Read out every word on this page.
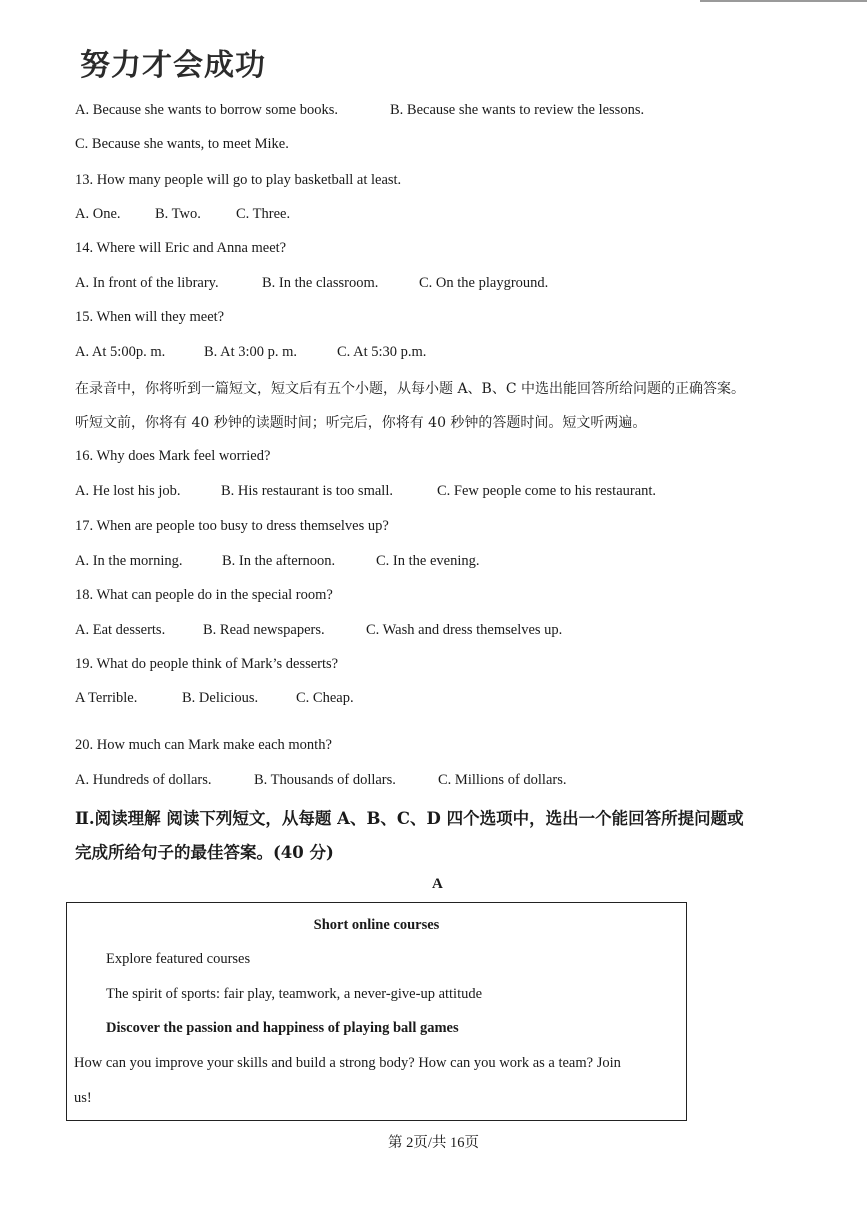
努力才会成功
A. Because she wants to borrow some books.	B. Because she wants to review the lessons.
C. Because she wants, to meet Mike.
13. How many people will go to play basketball at least.
A. One. B. Two. C. Three.
14. Where will Eric and Anna meet?
A. In front of the library.	B. In the classroom.	C. On the playground.
15. When will they meet?
A. At 5:00p. m.	B. At 3:00 p. m.	C. At 5:30 p.m.
在录音中，你将听到一篇短文，短文后有五个小题，从每小题 A、B、C 中选出能回答所给问题的正确答案。
听短文前，你将有 40 秒钟的读题时间；听完后，你将有 40 秒钟的答题时间。短文听两遍。
16. Why does Mark feel worried?
A. He lost his job.	B. His restaurant is too small.	C. Few people come to his restaurant.
17. When are people too busy to dress themselves up?
A. In the morning.	B. In the afternoon.	C. In the evening.
18. What can people do in the special room?
A. Eat desserts.	B. Read newspapers.	C. Wash and dress themselves up.
19. What do people think of Mark’s desserts?
A Terrible.	B. Delicious.	C. Cheap.
20. How much can Mark make each month?
A. Hundreds of dollars.	B. Thousands of dollars.	C. Millions of dollars.
Ⅱ.阅读理解 阅读下列短文，从每题 A、B、C、D 四个选项中，选出一个能回答所提问题或
完成所给句子的最佳答案。(40 分)
A
Short online courses
Explore featured courses
The spirit of sports: fair play, teamwork, a never-give-up attitude
Discover the passion and happiness of playing ball games
How can you improve your skills and build a strong body? How can you work as a team? Join
us!
第 2页/共 16页
